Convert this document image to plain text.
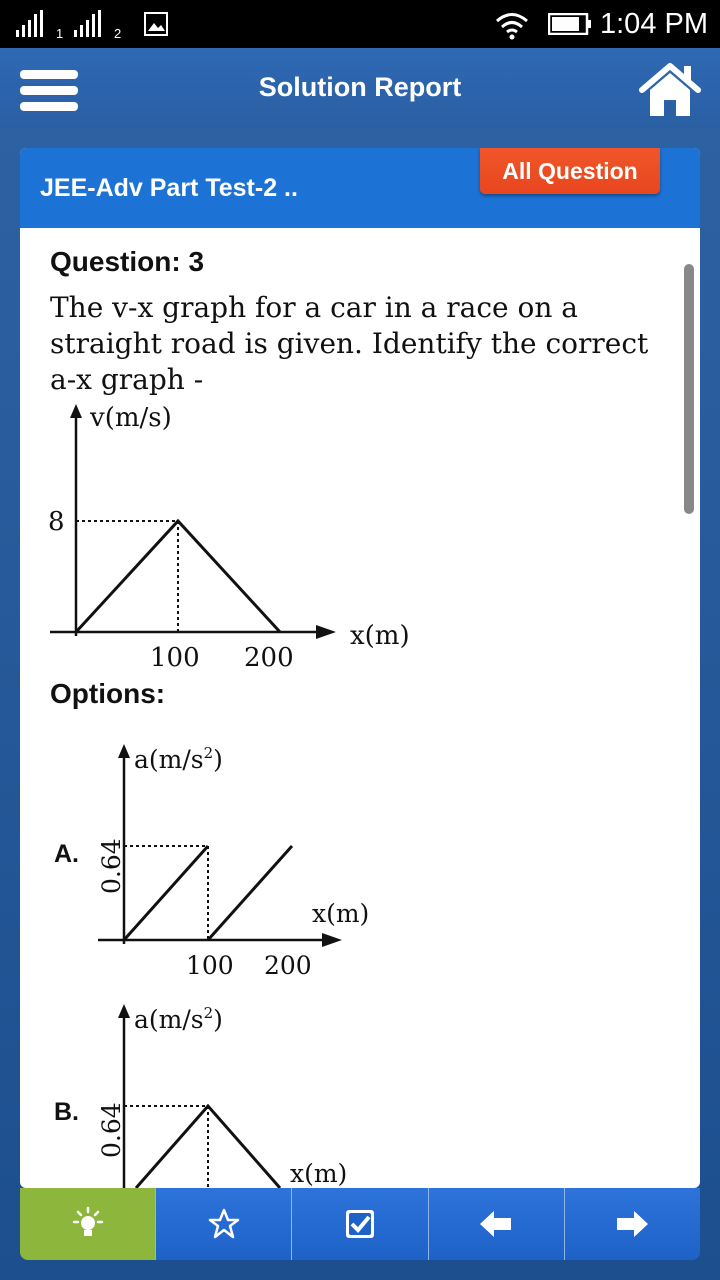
1	2	1:04 PM
Solution Report
JEE-Adv Part Test-2 ..
All Question
Question: 3
The v-x graph for a car in a race on a straight road is given. Identify the correct a-x graph -
v(m/s)
8
100 200
x(m)
Options:
A.
$a(m/s^2)$
0.64
x(m)
100 200
B.
$a(m/s^2)$
0.64
x(m)
